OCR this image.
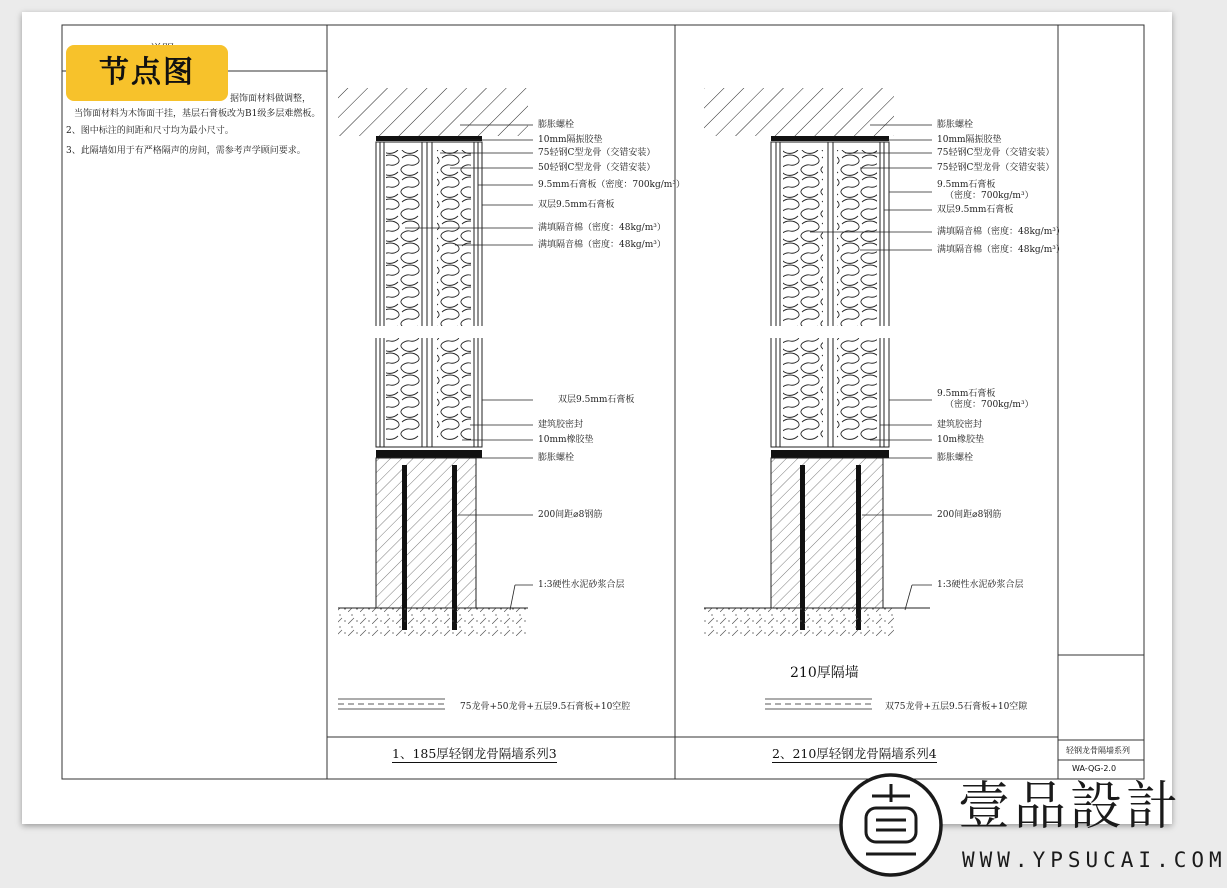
据饰面材料做调整，
当饰面材料为木饰面干挂，基层石膏板改为B1级多层难燃板。
2、图中标注的间距和尺寸均为最小尺寸。
3、此隔墙如用于有严格隔声的房间，需参考声学顾问要求。
节点图
膨胀螺栓
10mm隔振胶垫
75轻钢C型龙骨（交错安装）
50轻钢C型龙骨（交错安装）
9.5mm石膏板（密度：700kg/m³）
双层9.5mm石膏板
满填隔音棉（密度：48kg/m³）
满填隔音棉（密度：48kg/m³）
双层9.5mm石膏板
建筑胶密封
10mm橡胶垫
膨胀螺栓
200间距⌀8钢筋
1:3硬性水泥砂浆合层
75龙骨+50龙骨+五层9.5石膏板+10空腔
1、185厚轻钢龙骨隔墙系列3
膨胀螺栓
10mm隔振胶垫
75轻钢C型龙骨（交错安装）
75轻钢C型龙骨（交错安装）
9.5mm石膏板
（密度：700kg/m³）
双层9.5mm石膏板
满填隔音棉（密度：48kg/m³）
满填隔音棉（密度：48kg/m³）
9.5mm石膏板
（密度：700kg/m³）
建筑胶密封
10m橡胶垫
膨胀螺栓
200间距⌀8钢筋
1:3硬性水泥砂浆合层
210厚隔墙
双75龙骨+五层9.5石膏板+10空隙
2、210厚轻钢龙骨隔墙系列4	轻钢龙骨隔墙系列
WA-QG-2.0
壹品設計
WWW.YPSUCAI.COM
